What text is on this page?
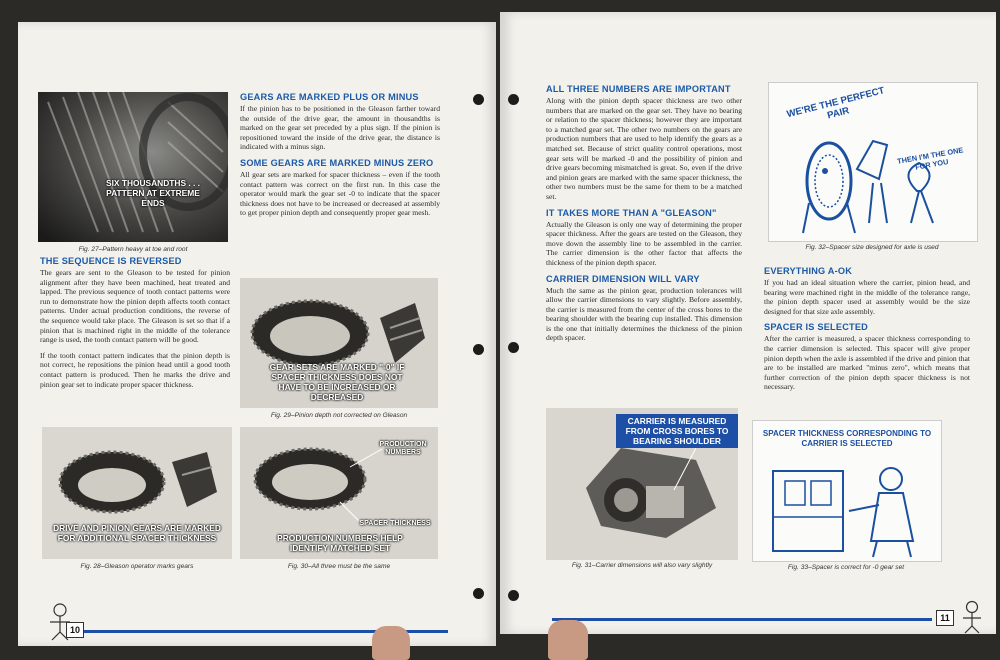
SIX THOUSANDTHS . . . PATTERN AT EXTREME ENDS
Fig. 27–Pattern heavy at toe and root
THE SEQUENCE IS REVERSED
The gears are sent to the Gleason to be tested for pinion alignment after they have been machined, heat treated and lapped. The previous sequence of tooth contact patterns were run to demonstrate how the pinion depth affects tooth contact patterns. Under actual production conditions, the reverse of the sequence would take place. The Gleason is set so that if a pinion that is machined right in the middle of the tolerance range is used, the tooth contact pattern will be good.
If the tooth contact pattern indicates that the pinion depth is not correct, he repositions the pinion head until a good tooth contact pattern is produced. Then he marks the drive and pinion gear set to indicate proper spacer thickness.
GEARS ARE MARKED PLUS OR MINUS
If the pinion has to be positioned in the Gleason farther toward the outside of the drive gear, the amount in thousandths is marked on the gear set preceded by a plus sign. If the pinion is repositioned toward the inside of the drive gear, the distance is indicated with a minus sign.
SOME GEARS ARE MARKED MINUS ZERO
All gear sets are marked for spacer thickness – even if the tooth contact pattern was correct on the first run. In this case the operator would mark the gear set -0 to indicate that the spacer thickness does not have to be increased or decreased at assembly to get proper pinion depth and consequently proper gear mesh.
GEAR SETS ARE MARKED "-0" IF SPACER THICKNESS DOES NOT HAVE TO BE INCREASED OR DECREASED
Fig. 29–Pinion depth not corrected on Gleason
DRIVE AND PINION GEARS ARE MARKED FOR ADDITIONAL SPACER THICKNESS
Fig. 28–Gleason operator marks gears
PRODUCTION NUMBERS
SPACER THICKNESS
PRODUCTION NUMBERS HELP IDENTIFY MATCHED SET
Fig. 30–All three must be the same
10
ALL THREE NUMBERS ARE IMPORTANT
Along with the pinion depth spacer thickness are two other numbers that are marked on the gear set. They have no bearing or relation to the spacer thickness; however they are important to a matched gear set. The other two numbers on the gears are production numbers that are used to help identify the gears as a matched set. Because of strict quality control operations, most gear sets will be marked -0 and the possibility of pinion and drive gears becoming mismatched is great. So, even if the drive and pinion gears are marked with the same spacer thickness, the other two numbers must be the same for them to be a matched set.
IT TAKES MORE THAN A "GLEASON"
Actually the Gleason is only one way of determining the proper spacer thickness. After the gears are tested on the Gleason, they move down the assembly line to be assembled in the carrier. The carrier dimension is the other factor that affects the thickness of the pinion depth spacer.
CARRIER DIMENSION WILL VARY
Much the same as the pinion gear, production tolerances will allow the carrier dimensions to vary slightly. Before assembly, the carrier is measured from the center of the cross bores to the bearing shoulder with the bearing cup installed. This dimension is the one that initially determines the thickness of the pinion depth spacer.
CARRIER IS MEASURED FROM CROSS BORES TO BEARING SHOULDER
Fig. 31–Carrier dimensions will also vary slightly
WE'RE THE PERFECT PAIR
THEN I'M THE ONE FOR YOU
Fig. 32–Spacer size designed for axle is used
EVERYTHING A-OK
If you had an ideal situation where the carrier, pinion head, and bearing were machined right in the middle of the tolerance range, the pinion depth spacer used at assembly would be the size designed for that size axle assembly.
SPACER IS SELECTED
After the carrier is measured, a spacer thickness corresponding to the carrier dimension is selected. This spacer will give proper pinion depth when the axle is assembled if the drive and pinion that are to be installed are marked "minus zero", which means that further correction of the pinion depth spacer thickness is not necessary.
SPACER THICKNESS CORRESPONDING TO CARRIER IS SELECTED
Fig. 33–Spacer is correct for -0 gear set
11
